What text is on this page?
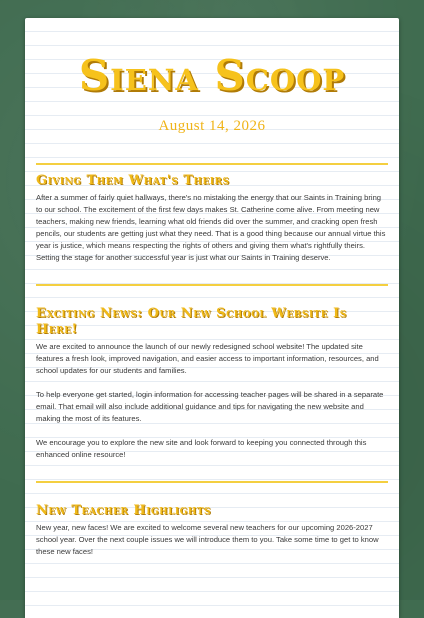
Siena Scoop
August 14, 2026
Giving Them What's Theirs

After a summer of fairly quiet hallways, there's no mistaking the energy that our Saints in Training bring to our school. The excitement of the first few days makes St. Catherine come alive. From meeting new teachers, making new friends, learning what old friends did over the summer, and cracking open fresh pencils, our students are getting just what they need. That is a good thing because our annual virtue this year is justice, which means respecting the rights of others and giving them what's rightfully theirs. Setting the stage for another successful year is just what our Saints in Training deserve.

Exciting News: Our New School Website Is Here!

We are excited to announce the launch of our newly redesigned school website! The updated site features a fresh look, improved navigation, and easier access to important information, resources, and school updates for our students and families.

To help everyone get started, login information for accessing teacher pages will be shared in a separate email. That email will also include additional guidance and tips for navigating the new website and making the most of its features.

We encourage you to explore the new site and look forward to keeping you connected through this enhanced online resource!

New Teacher Highlights

New year, new faces! We are excited to welcome several new teachers for our upcoming 2026-2027 school year. Over the next couple issues we will introduce them to you. Take some time to get to know these new faces!
